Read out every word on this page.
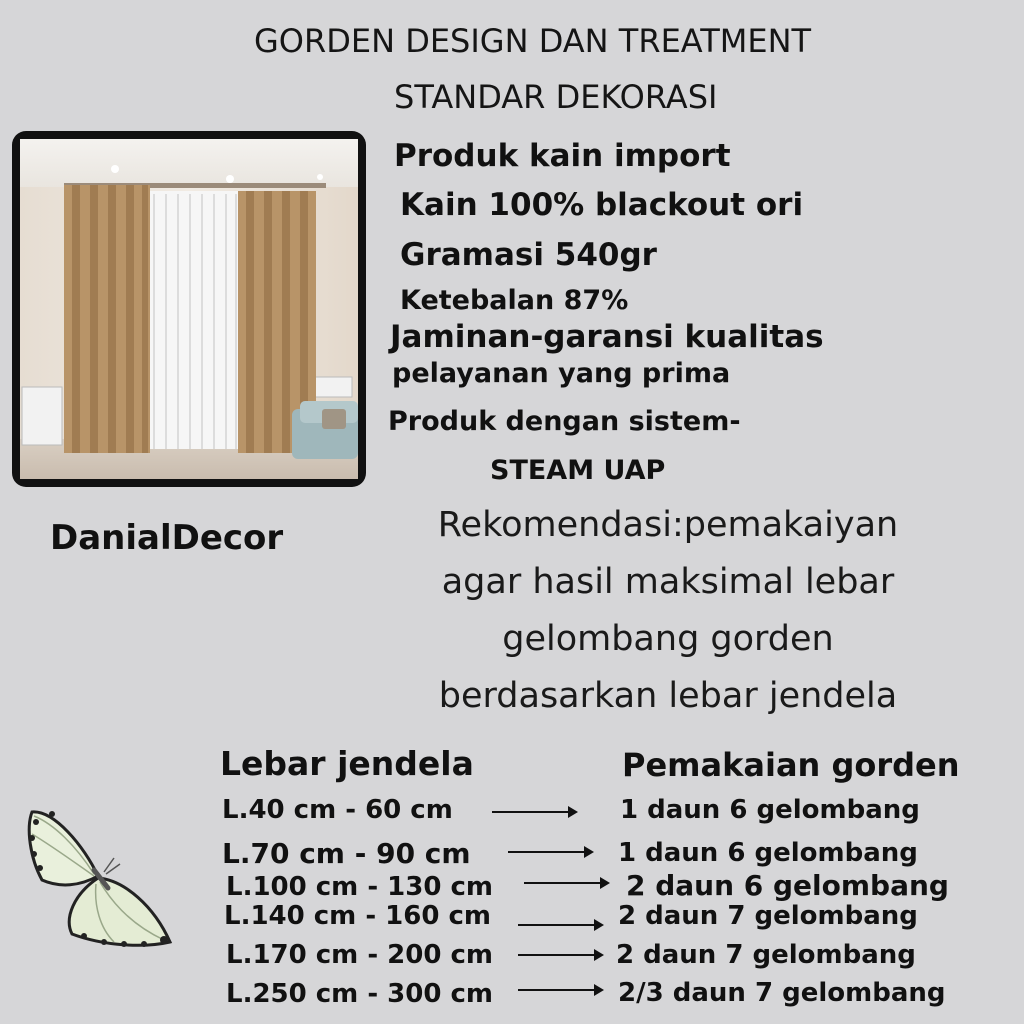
GORDEN DESIGN DAN TREATMENT
STANDAR DEKORASI
Produk kain import
Kain 100% blackout ori
Gramasi 540gr
Ketebalan 87%
Jaminan-garansi kualitas
pelayanan yang prima
Produk dengan sistem-
STEAM UAP
DanialDecor	Rekomendasi:pemakaiyan
agar hasil maksimal lebar
gelombang gorden
berdasarkan lebar jendela
Lebar jendela	Pemakaian gorden
L.40 cm - 60 cm	1 daun 6 gelombang
L.70 cm - 90 cm	1 daun 6 gelombang
L.100 cm - 130 cm	2 daun 6 gelombang
L.140 cm - 160 cm	2 daun 7 gelombang
L.170 cm - 200 cm	2 daun 7 gelombang
L.250 cm - 300 cm	2/3 daun 7 gelombang
